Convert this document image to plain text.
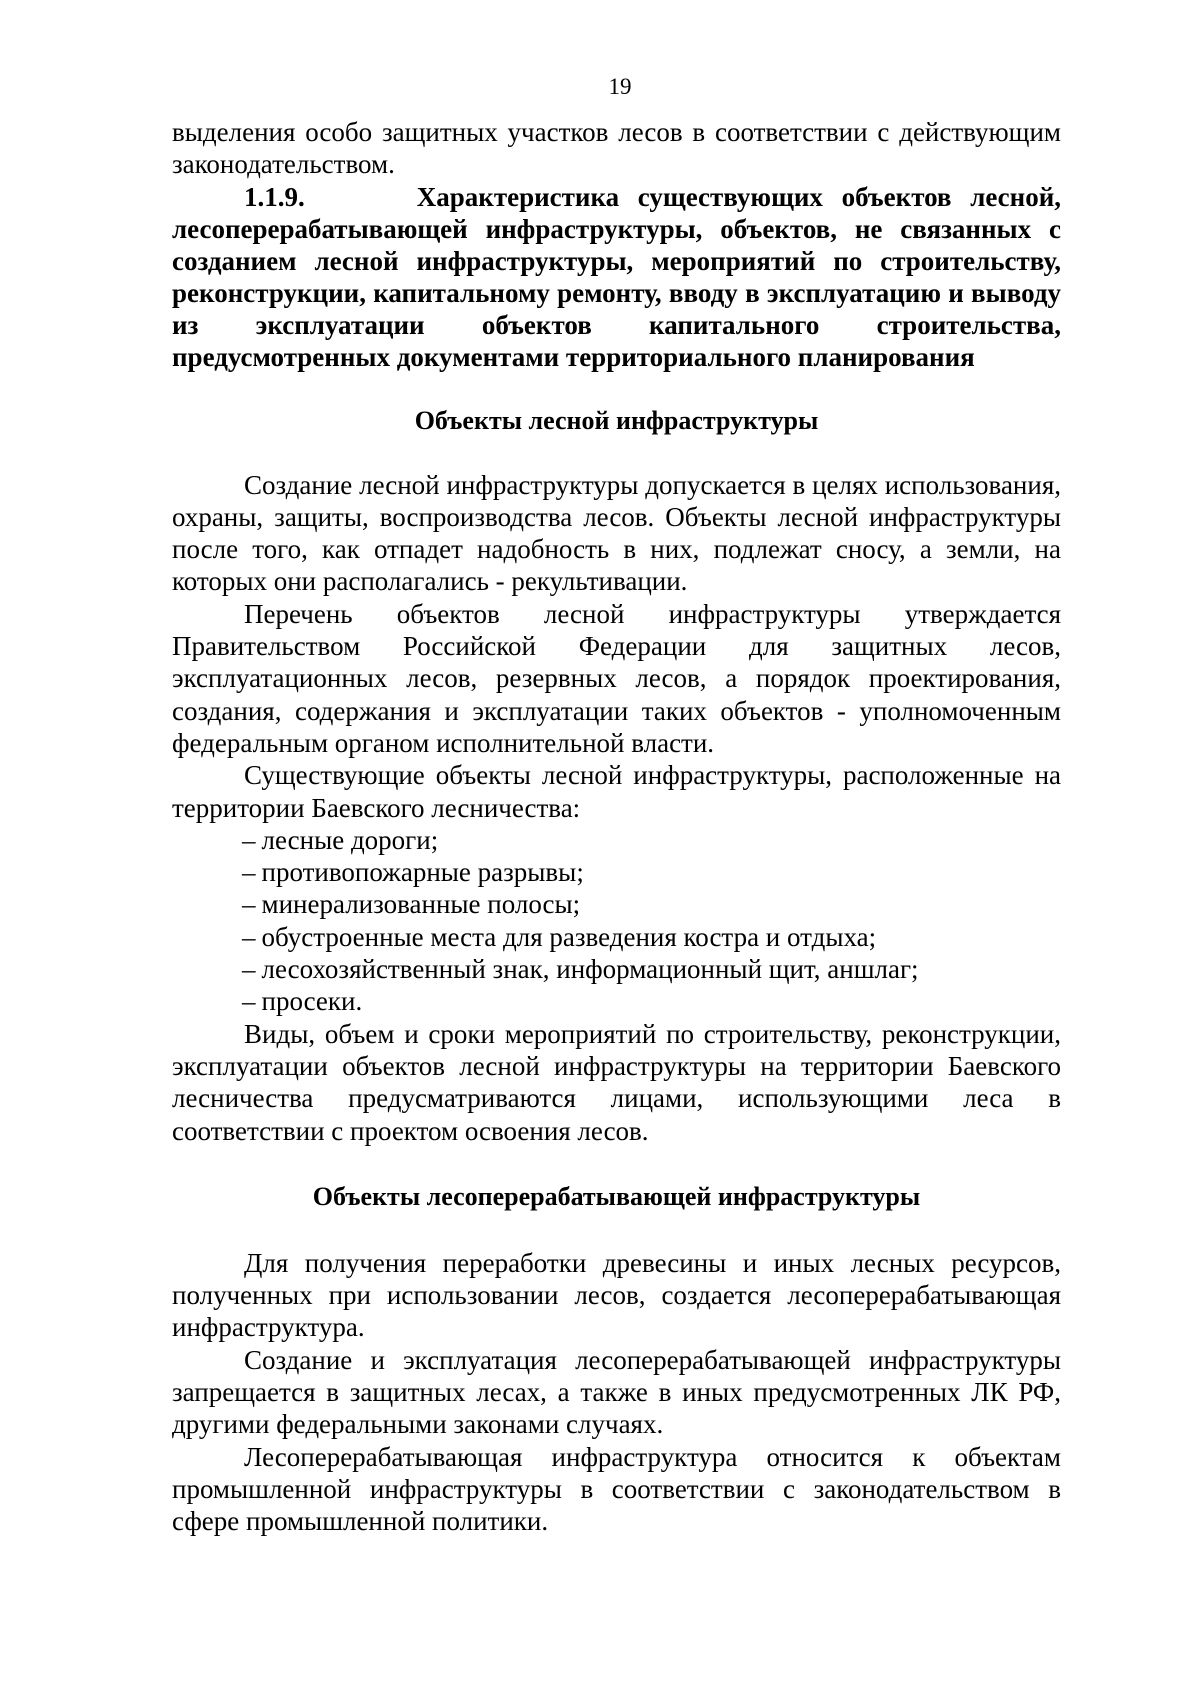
19

выделения особо защитных участков лесов в соответствии с действующим законодательством.

1.1.9.	Характеристика существующих объектов лесной, лесоперерабатывающей инфраструктуры, объектов, не связанных с созданием лесной инфраструктуры, мероприятий по строительству, реконструкции, капитальному ремонту, вводу в эксплуатацию и выводу из эксплуатации объектов капитального строительства, предусмотренных документами территориального планирования

Объекты лесной инфраструктуры

Создание лесной инфраструктуры допускается в целях использования, охраны, защиты, воспроизводства лесов. Объекты лесной инфраструктуры после того, как отпадет надобность в них, подлежат сносу, а земли, на которых они располагались - рекультивации.

Перечень объектов лесной инфраструктуры утверждается Правительством Российской Федерации для защитных лесов, эксплуатационных лесов, резервных лесов, а порядок проектирования, создания, содержания и эксплуатации таких объектов - уполномоченным федеральным органом исполнительной власти.

Существующие объекты лесной инфраструктуры, расположенные на территории Баевского лесничества:

– лесные дороги;
– противопожарные разрывы;
– минерализованные полосы;
– обустроенные места для разведения костра и отдыха;
– лесохозяйственный знак, информационный щит, аншлаг;
– просеки.

Виды, объем и сроки мероприятий по строительству, реконструкции, эксплуатации объектов лесной инфраструктуры на территории Баевского лесничества предусматриваются лицами, использующими леса в соответствии с проектом освоения лесов.

Объекты лесоперерабатывающей инфраструктуры

Для получения переработки древесины и иных лесных ресурсов, полученных при использовании лесов, создается лесоперерабатывающая инфраструктура.

Создание и эксплуатация лесоперерабатывающей инфраструктуры запрещается в защитных лесах, а также в иных предусмотренных ЛК РФ, другими федеральными законами случаях.

Лесоперерабатывающая инфраструктура относится к объектам промышленной инфраструктуры в соответствии с законодательством в сфере промышленной политики.
